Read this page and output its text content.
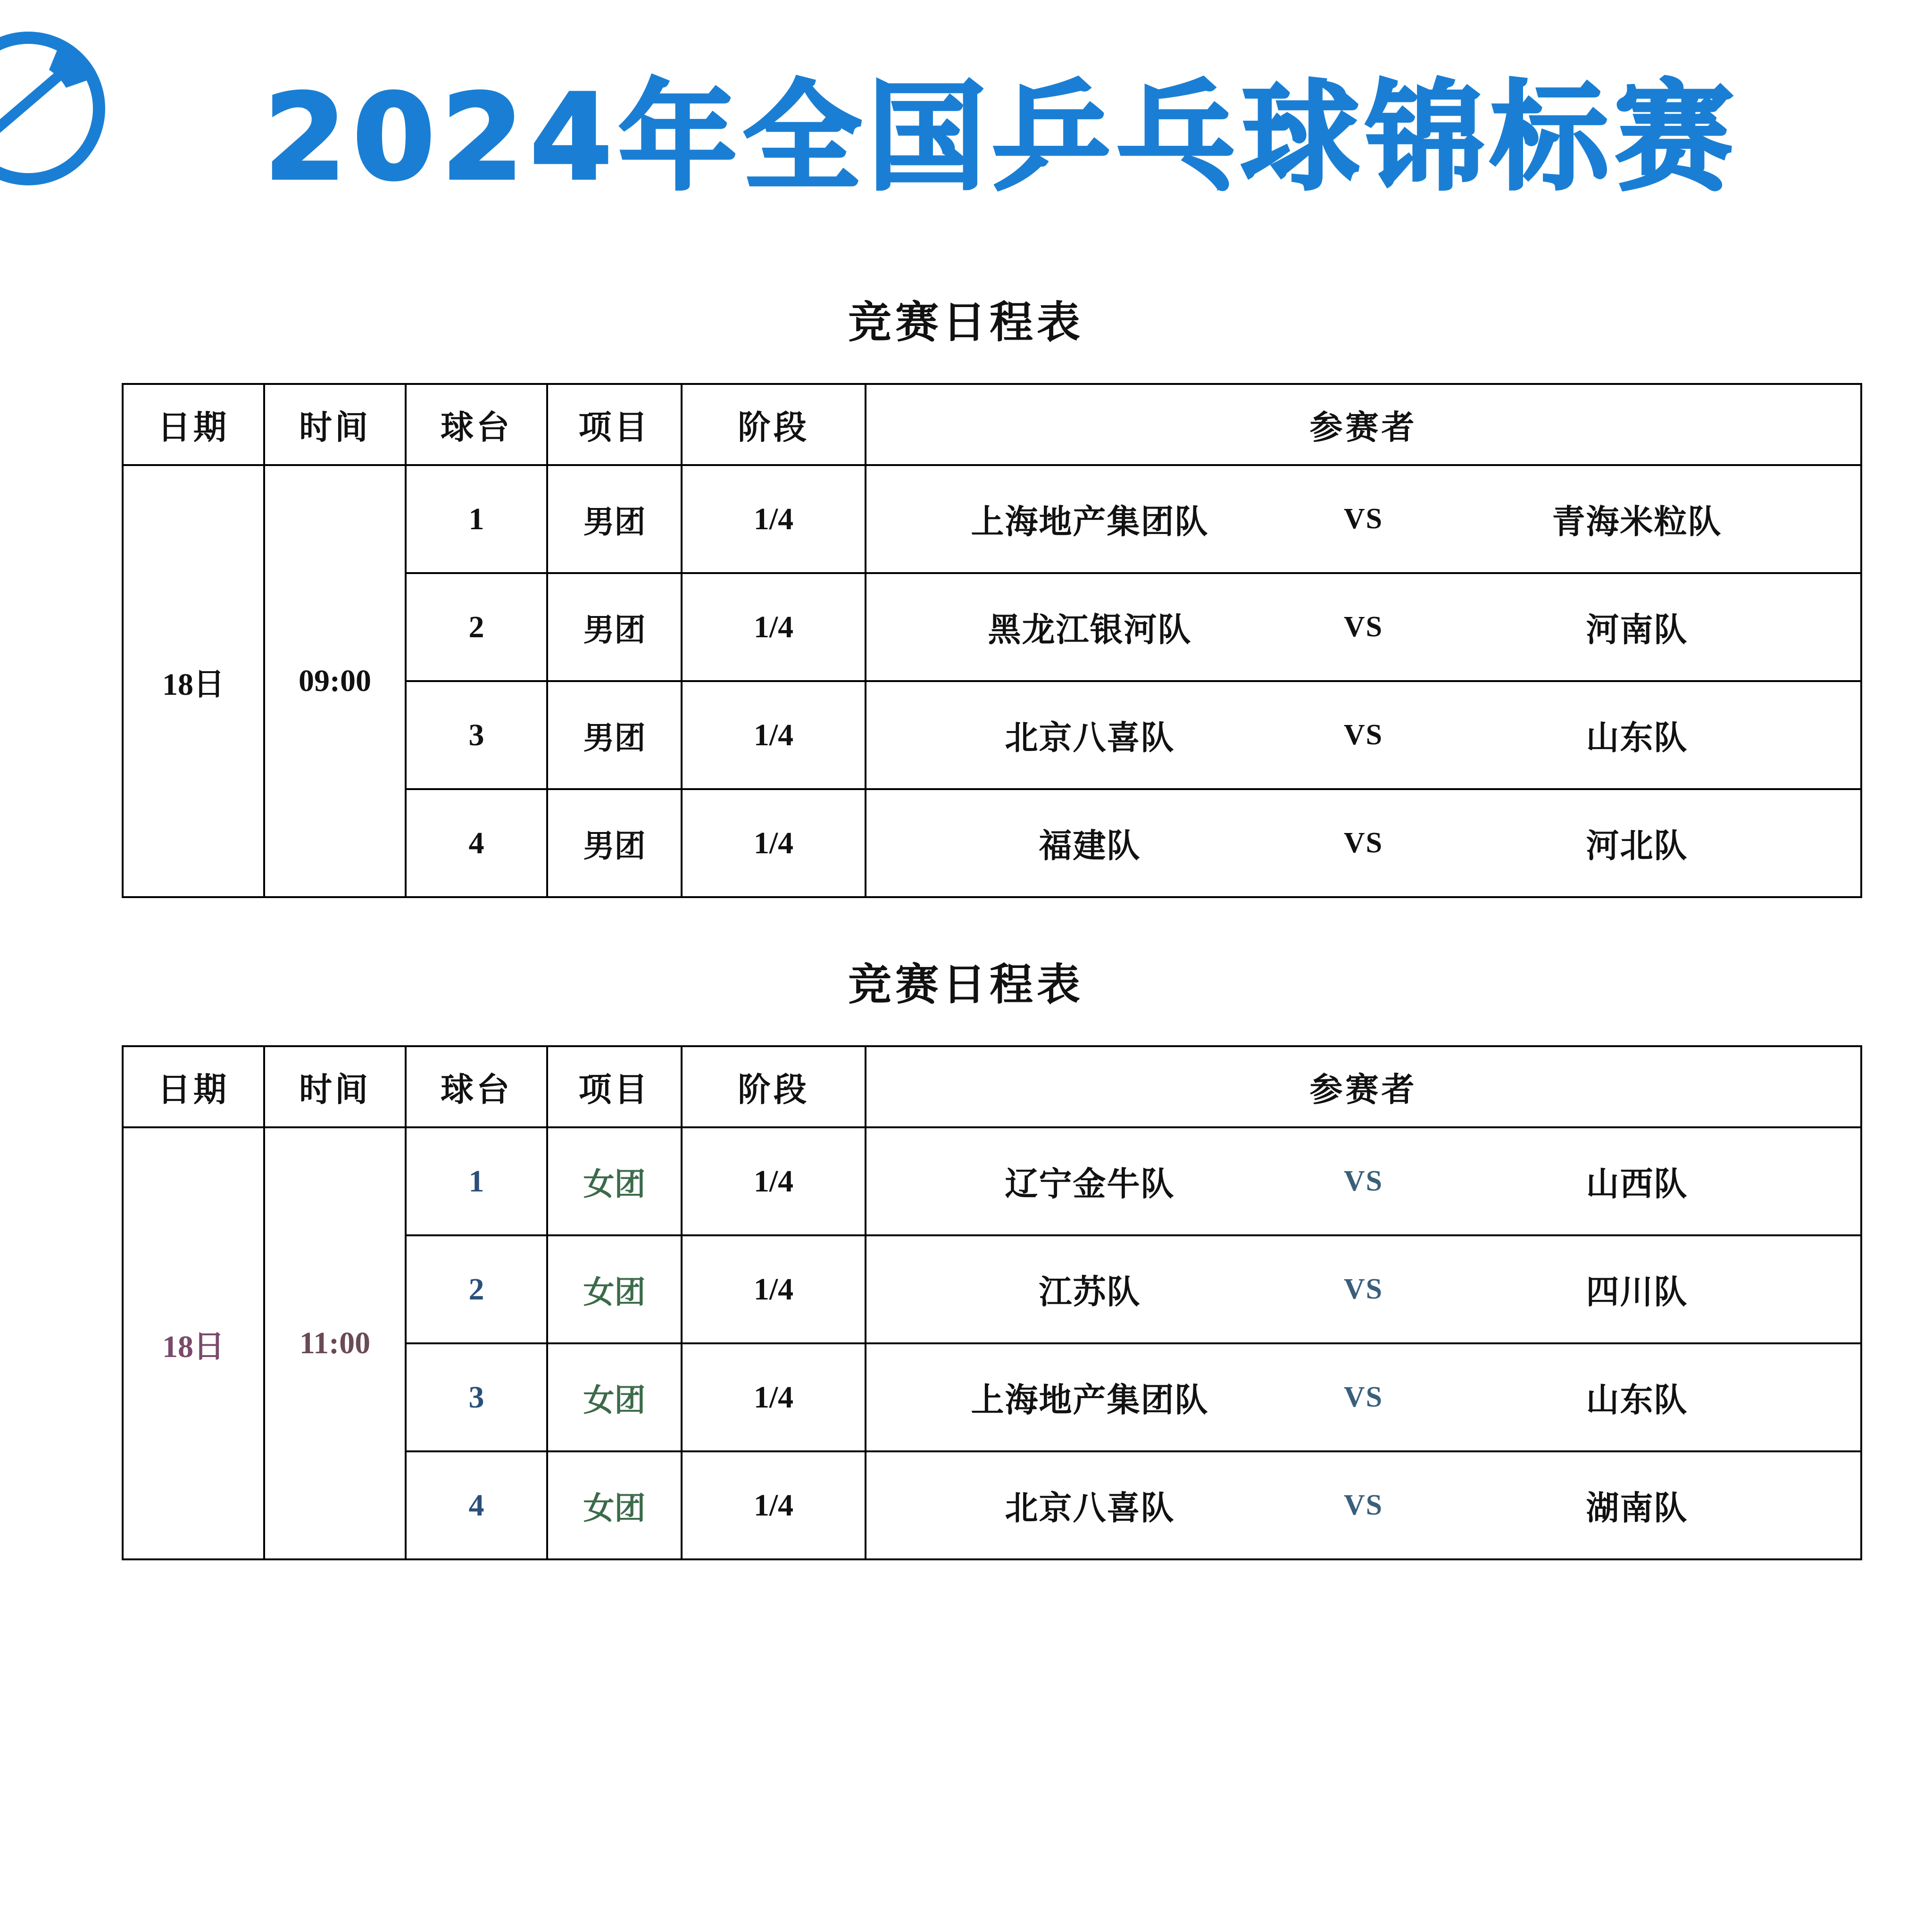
2024年全国乒乓球锦标赛
竞赛日程表
日期	时间	球台	项目	阶段	参赛者
18日	09:00	1	男团	1/4	上海地产集团队 VS 青海米粒队

		2	男团	1/4	黑龙江银河队 VS 河南队

		3	男团	1/4	北京八喜队 VS 山东队

		4	男团	1/4	福建队 VS 河北队
竞赛日程表
日期	时间	球台	项目	阶段	参赛者
18日	11:00	1	女团	1/4	辽宁金牛队 VS 山西队

		2	女团	1/4	江苏队 VS 四川队

		3	女团	1/4	上海地产集团队 VS 山东队

		4	女团	1/4	北京八喜队 VS 湖南队
